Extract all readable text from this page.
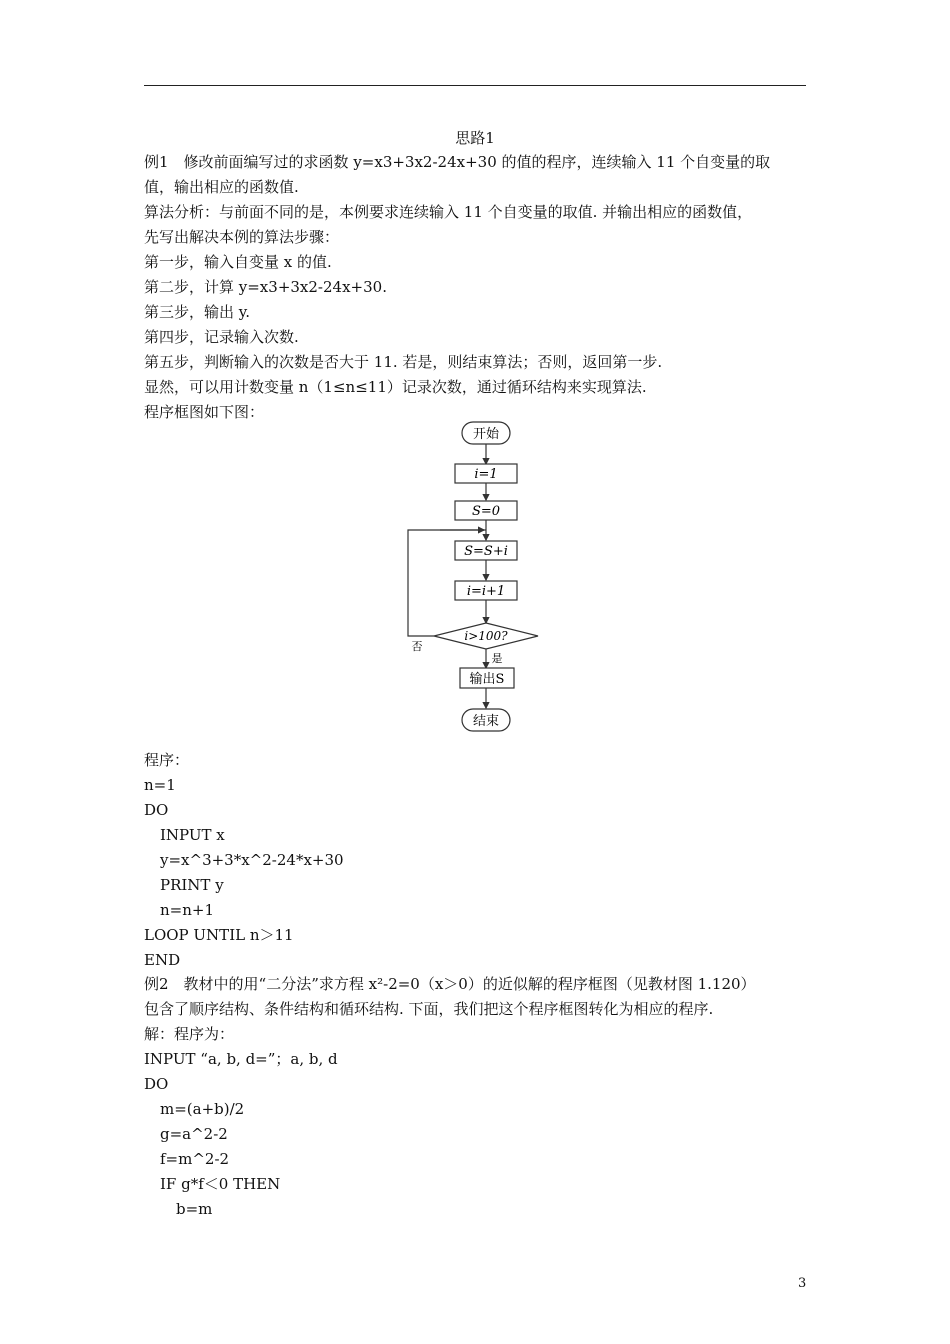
思路1
例1　修改前面编写过的求函数 y=x3+3x2-24x+30 的值的程序，连续输入 11 个自变量的取
值，输出相应的函数值.
算法分析：与前面不同的是，本例要求连续输入 11 个自变量的取值. 并输出相应的函数值，
先写出解决本例的算法步骤：
第一步，输入自变量 x 的值.
第二步，计算 y=x3+3x2-24x+30.
第三步，输出 y.
第四步，记录输入次数.
第五步，判断输入的次数是否大于 11. 若是，则结束算法；否则，返回第一步.
显然，可以用计数变量 n（1≤n≤11）记录次数，通过循环结构来实现算法.
程序框图如下图：
开始
i=1
S=0
S=S+i
i=i+1
i>100?
否
是
输出S
结束
程序：
n=1
DO
INPUT x
y=x^3+3*x^2-24*x+30
PRINT y
n=n+1
LOOP UNTIL n＞11
END
例2　教材中的用“二分法”求方程 x²-2=0（x＞0）的近似解的程序框图（见教材图 1.120）
包含了顺序结构、条件结构和循环结构. 下面，我们把这个程序框图转化为相应的程序.
解：程序为：
INPUT “a, b, d=”；a, b, d
DO
m=(a+b)/2
g=a^2-2
f=m^2-2
IF g*f＜0 THEN
b=m
3
